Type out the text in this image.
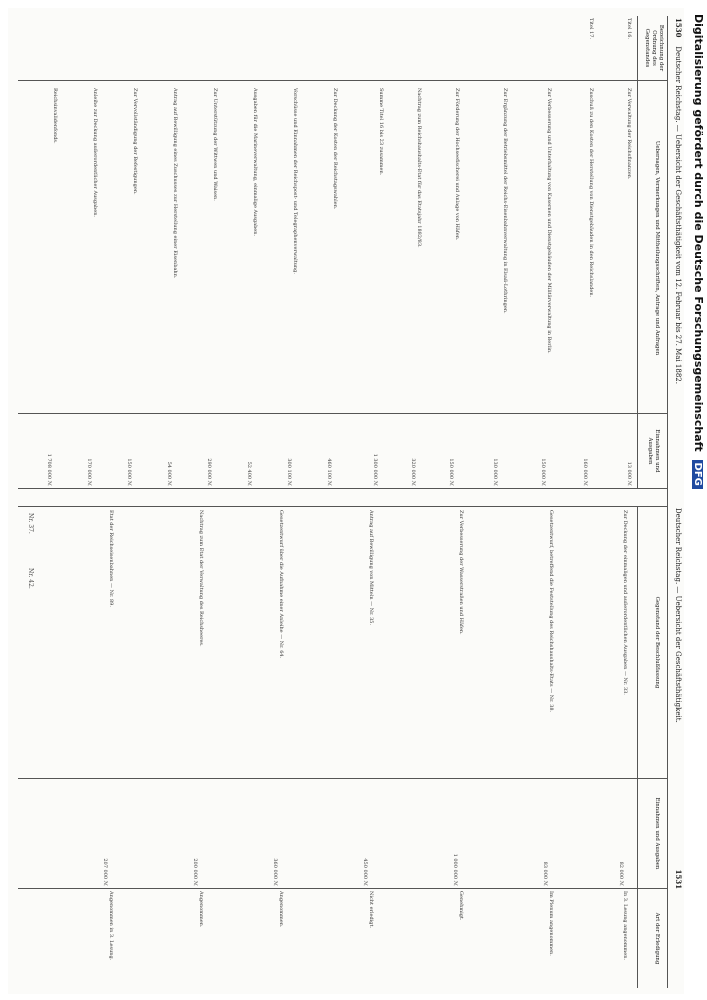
1530    Deutscher Reichstag. — Uebersicht der Geschäftsthätigkeit vom 12. Februar bis 27. Mai 1882.
Deutscher Reichstag. — Uebersicht der Geschäftsthätigkeit.                                                                  1531
Bezeichnung der Ordnung des Gegenstandes
Uebersagen, Vermerkungen und Mittheilungsschriften, Antrage und Anfragen
Einnahmen und Ausgaben
Gegenstand der Beschlußfassung
Einnahmen und Ausgaben
Art der Erledigung
Titel 16.
Zur Verwaltung der Reichsfinanzen.
13 000 ℳ
Titel 17.
Zuschuß zu den Kosten der Herstellung von Dienstgebäuden in den Reichslanden.
160 000 ℳ
Zur Verbesserung und Unterhaltung von Kasernen und Dienstgebäuden der Militärverwaltung in Berlin.
150 000 ℳ
Zur Ergänzung der Betriebsmittel der Reichs-Eisenbahnverwaltung in Elsaß-Lothringen.
130 000 ℳ
Zur Förderung der Hochseefischerei und Anlage von Häfen.
150 000 ℳ
Nachtrag zum Reichshaushalts-Etat für das Etatsjahr 1882/83.
320 000 ℳ
Summe Titel 16 bis 23 zusammen.
1 300 000 ℳ
Zur Deckung der Kosten der Reichstagswahlen.
460 100 ℳ
Vorschüsse und Einnahmen der Reichspost- und Telegraphenverwaltung.
300 100 ℳ
Ausgaben für die Marineverwaltung, einmalige Ausgaben.
52 400 ℳ
Zur Unterstützung der Wittwen und Waisen.
290 000 ℳ
Antrag auf Bewilligung eines Zuschusses zur Herstellung einer Eisenbahn.
54 000 ℳ
Zur Vervollständigung der Befestigungen.
150 000 ℳ
Anleihe zur Deckung außerordentlicher Ausgaben.
170 000 ℳ
Reichsinvalidenfonds.
1 708 000 ℳ
Zur Deckung der einmaligen und außerordentlichen Ausgaben — Nr. 33.
82 000 ℳ
In 3. Lesung angenommen.
Gesetzentwurf, betreffend die Feststellung des Reichshaushalts-Etats — Nr. 38.
83 000 ℳ
Im Plenum angenommen.
Zur Verbesserung der Wasserstraßen und Häfen.
1 000 000 ℳ
Genehmigt.
Antrag auf Bewilligung von Mitteln — Nr. 35.
450 000 ℳ
Nicht erledigt.
Gesetzentwurf über die Aufnahme einer Anleihe — Nr. 64.
360 000 ℳ
Angenommen.
Nachtrag zum Etat der Verwaltung des Reichsheeres.
200 000 ℳ
Angenommen.
Etat der Reichseisenbahnen — Nr. 89.
207 000 ℳ
Angenommen in 3. Lesung.
Nr. 37.
Nr. 42.
Digitalisierung gefördert durch die Deutsche Forschungsgemeinschaft DFG
